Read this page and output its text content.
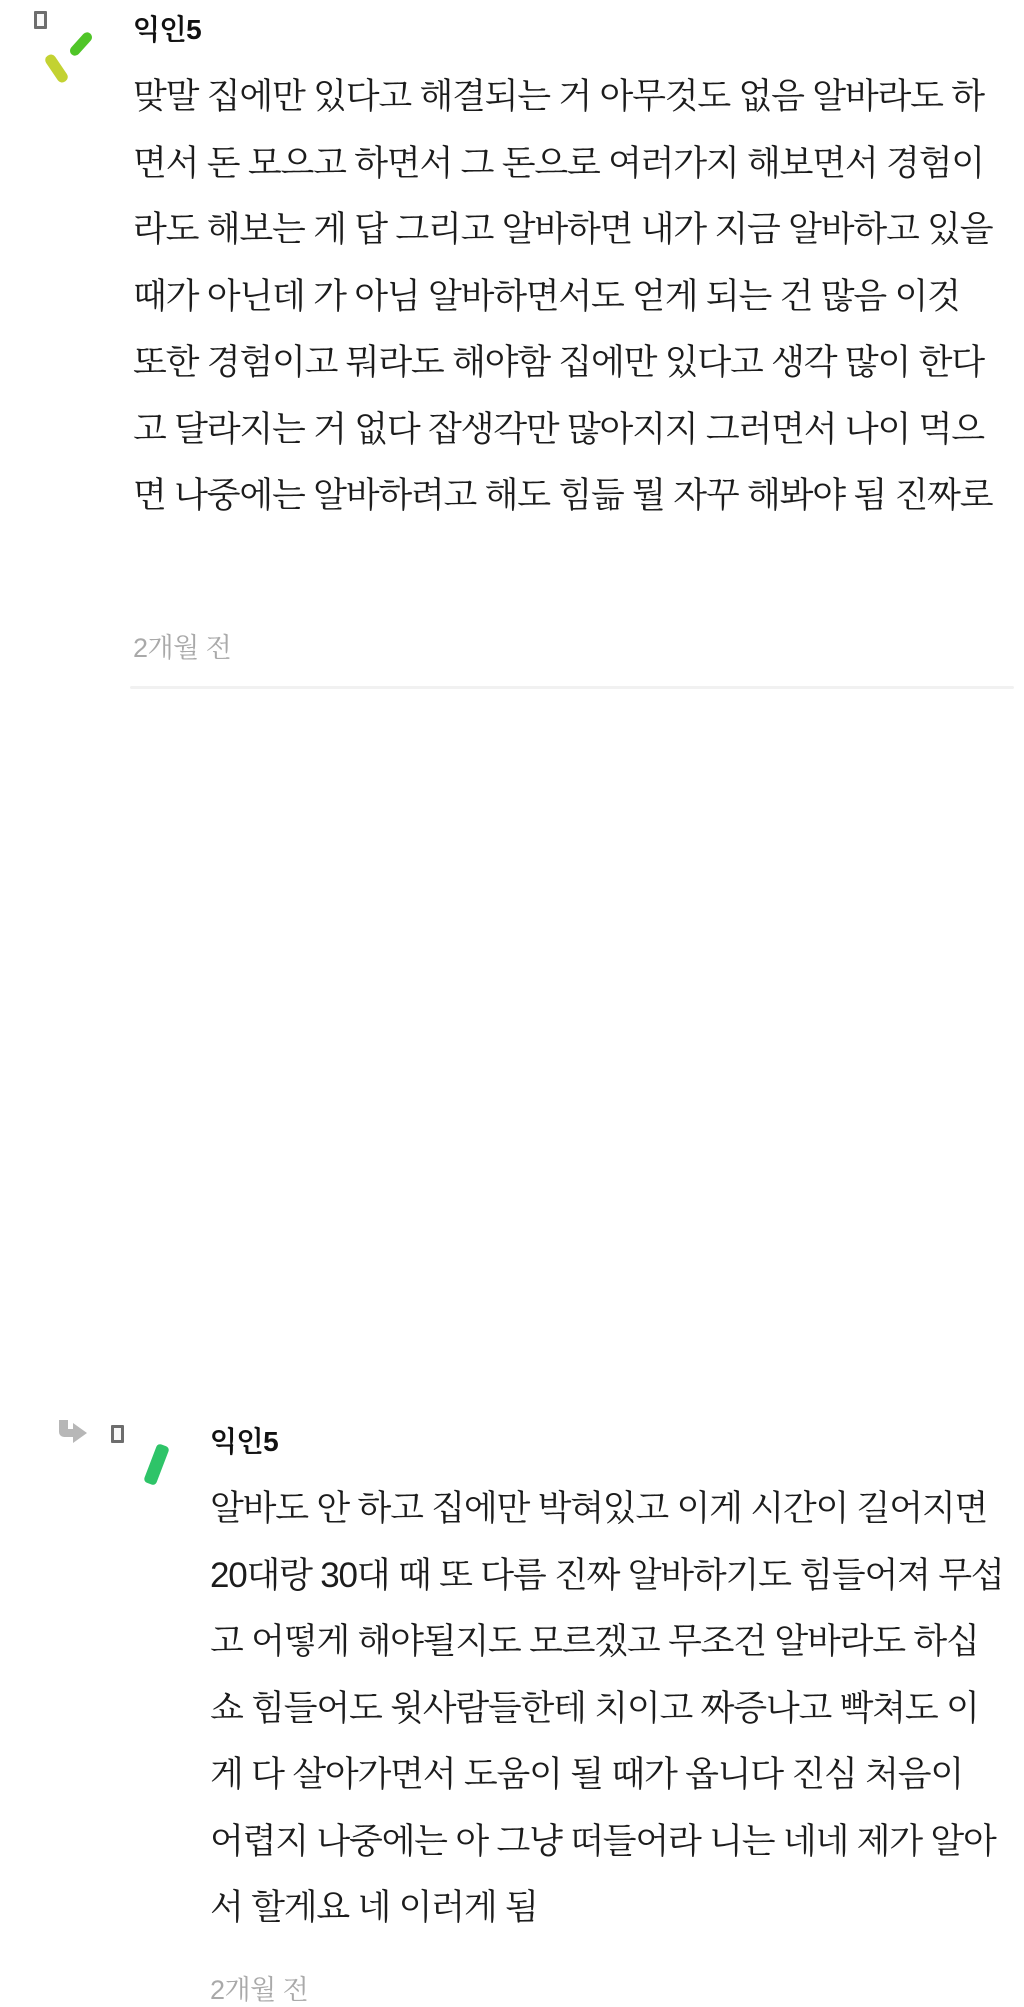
익인5
맞말 집에만 있다고 해결되는 거 아무것도 없음 알바라도 하면서 돈 모으고 하면서 그 돈으로 여러가지 해보면서 경험이라도 해보는 게 답 그리고 알바하면 내가 지금 알바하고 있을 때가 아닌데 가 아님 알바하면서도 얻게 되는 건 많음 이것 또한 경험이고 뭐라도 해야함 집에만 있다고 생각 많이 한다고 달라지는 거 없다 잡생각만 많아지지 그러면서 나이 먹으면 나중에는 알바하려고 해도 힘듦 뭘 자꾸 해봐야 됨 진짜로
2개월 전
익인5
알바도 안 하고 집에만 박혀있고 이게 시간이 길어지면 20대랑 30대 때 또 다름 진짜 알바하기도 힘들어져 무섭고 어떻게 해야될지도 모르겠고 무조건 알바라도 하십쇼 힘들어도 윗사람들한테 치이고 짜증나고 빡쳐도 이게 다 살아가면서 도움이 될 때가 옵니다 진심 처음이 어렵지 나중에는 아 그냥 떠들어라 니는 네네 제가 알아서 할게요 네 이러게 됨
2개월 전
